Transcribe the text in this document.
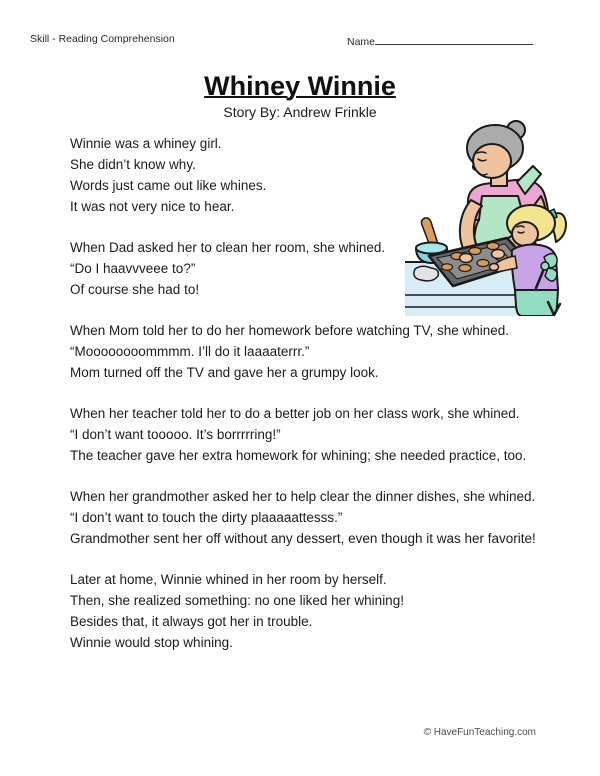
Skill - Reading Comprehension	Name
Whiney Winnie
Story By: Andrew Frinkle
Winnie was a whiney girl.
She didn’t know why.
Words just came out like whines.
It was not very nice to hear.
When Dad asked her to clean her room, she whined.
“Do I haavvveee to?”
Of course she had to!
When Mom told her to do her homework before watching TV, she whined.
“Moooooooommmm. I’ll do it laaaaterrr.”
Mom turned off the TV and gave her a grumpy look.
When her teacher told her to do a better job on her class work, she whined.
“I don’t want tooooo. It’s borrrrring!”
The teacher gave her extra homework for whining; she needed practice, too.
When her grandmother asked her to help clear the dinner dishes, she whined.
“I don’t want to touch the dirty plaaaaattesss.”
Grandmother sent her off without any dessert, even though it was her favorite!
Later at home, Winnie whined in her room by herself.
Then, she realized something: no one liked her whining!
Besides that, it always got her in trouble.
Winnie would stop whining.
© HaveFunTeaching.com
